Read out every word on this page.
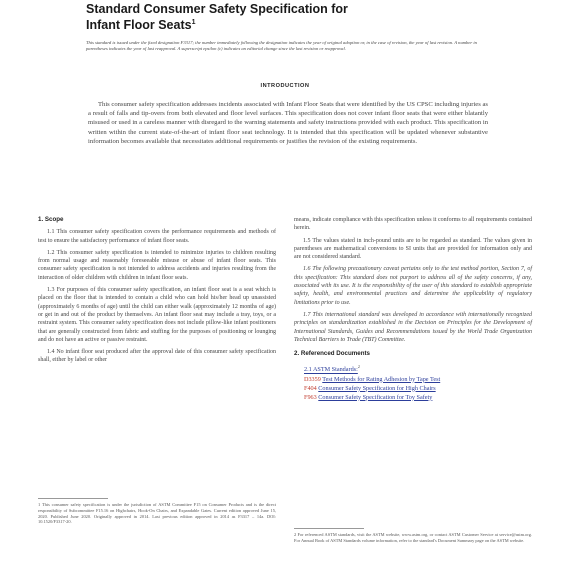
Standard Consumer Safety Specification for
Infant Floor Seats$^1$
This standard is issued under the fixed designation F3317; the number immediately following the designation indicates the year of original adoption or, in the case of revision, the year of last revision. A number in parentheses indicates the year of last reapproval. A superscript epsilon (ε) indicates an editorial change since the last revision or reapproval.
INTRODUCTION
This consumer safety specification addresses incidents associated with Infant Floor Seats that were identified by the US CPSC including injuries as a result of falls and tip-overs from both elevated and floor level surfaces. This specification does not cover infant floor seats that were either blatantly misused or used in a careless manner with disregard to the warning statements and safety instructions provided with each product. This specification in written within the current state-of-the-art of infant floor seat technology. It is intended that this specification will be updated whenever substantive information becomes available that necessitates additional requirements or justifies the revision of the existing requirements.
1. Scope
1.1 This consumer safety specification covers the performance requirements and methods of test to ensure the satisfactory performance of infant floor seats.
1.2 This consumer safety specification is intended to minimize injuries to children resulting from normal usage and reasonably foreseeable misuse or abuse of infant floor seats. This consumer safety specification is not intended to address accidents and injuries resulting from the interaction of older children with children in infant floor seats.
1.3 For purposes of this consumer safety specification, an infant floor seat is a seat which is placed on the floor that is intended to contain a child who can hold his/her head up unassisted (approximately 6 months of age) until the child can either walk (approximately 12 months of age) or get in and out of the product by themselves. An infant floor seat may include a tray, toys, or a restraint system. This consumer safety specification does not include pillow-like infant positioners that are generally constructed from fabric and stuffing for the purposes of positioning or lounging and do not have an active or passive restraint.
1.4 No infant floor seat produced after the approval date of this consumer safety specification shall, either by label or other
means, indicate compliance with this specification unless it conforms to all requirements contained herein.
1.5 The values stated in inch-pound units are to be regarded as standard. The values given in parentheses are mathematical conversions to SI units that are provided for information only and are not considered standard.
1.6 The following precautionary caveat pertains only to the test method portion, Section 7, of this specification: This standard does not purport to address all of the safety concerns, if any, associated with its use. It is the responsibility of the user of this standard to establish appropriate safety, health, and environmental practices and determine the applicability of regulatory limitations prior to use.
1.7 This international standard was developed in accordance with internationally recognized principles on standardization established in the Decision on Principles for the Development of International Standards, Guides and Recommendations issued by the World Trade Organization Technical Barriers to Trade (TBT) Committee.
2. Referenced Documents
2.1 ASTM Standards:$^2$
D3359 Test Methods for Rating Adhesion by Tape Test
F404 Consumer Safety Specification for High Chairs
F963 Consumer Safety Specification for Toy Safety
1 This consumer safety specification is under the jurisdiction of ASTM Committee F15 on Consumer Products and is the direct responsibility of Subcommittee F15.16 on Highchairs, Hook-On Chairs, and Expandable Gates. Current edition approved June 15, 2020. Published June 2020. Originally approved in 2014. Last previous edition approved in 2014 as F3317 – 14a. DOI: 10.1520/F3317-20.
2 For referenced ASTM standards, visit the ASTM website, www.astm.org, or contact ASTM Customer Service at service@astm.org. For Annual Book of ASTM Standards volume information, refer to the standard's Document Summary page on the ASTM website.
